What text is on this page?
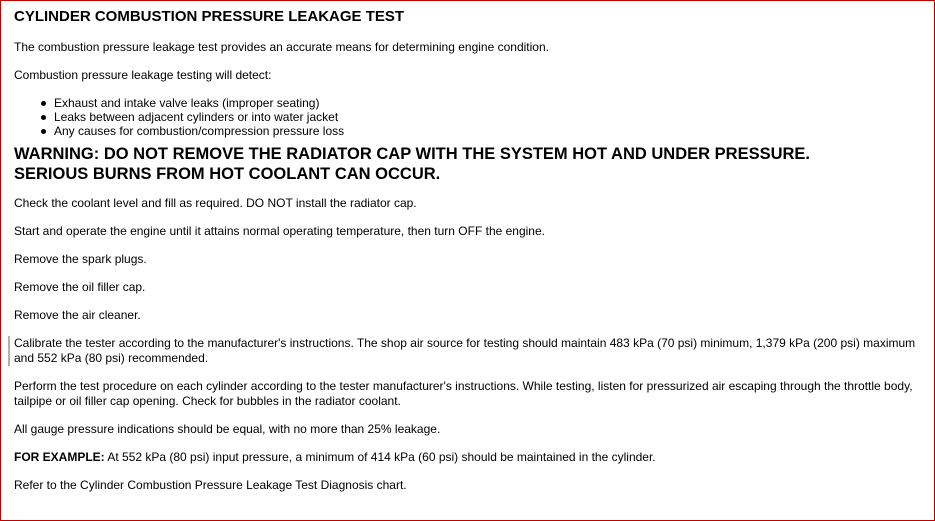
CYLINDER COMBUSTION PRESSURE LEAKAGE TEST

The combustion pressure leakage test provides an accurate means for determining engine condition.

Combustion pressure leakage testing will detect:

Exhaust and intake valve leaks (improper seating)
Leaks between adjacent cylinders or into water jacket
Any causes for combustion/compression pressure loss
WARNING: DO NOT REMOVE THE RADIATOR CAP WITH THE SYSTEM HOT AND UNDER PRESSURE.
SERIOUS BURNS FROM HOT COOLANT CAN OCCUR.

Check the coolant level and fill as required. DO NOT install the radiator cap.

Start and operate the engine until it attains normal operating temperature, then turn OFF the engine.

Remove the spark plugs.

Remove the oil filler cap.

Remove the air cleaner.

Calibrate the tester according to the manufacturer's instructions. The shop air source for testing should maintain 483 kPa (70 psi) minimum, 1,379 kPa (200 psi) maximum and 552 kPa (80 psi) recommended.

Perform the test procedure on each cylinder according to the tester manufacturer's instructions. While testing, listen for pressurized air escaping through the throttle body, tailpipe or oil filler cap opening. Check for bubbles in the radiator coolant.

All gauge pressure indications should be equal, with no more than 25% leakage.

FOR EXAMPLE: At 552 kPa (80 psi) input pressure, a minimum of 414 kPa (60 psi) should be maintained in the cylinder.

Refer to the Cylinder Combustion Pressure Leakage Test Diagnosis chart.
